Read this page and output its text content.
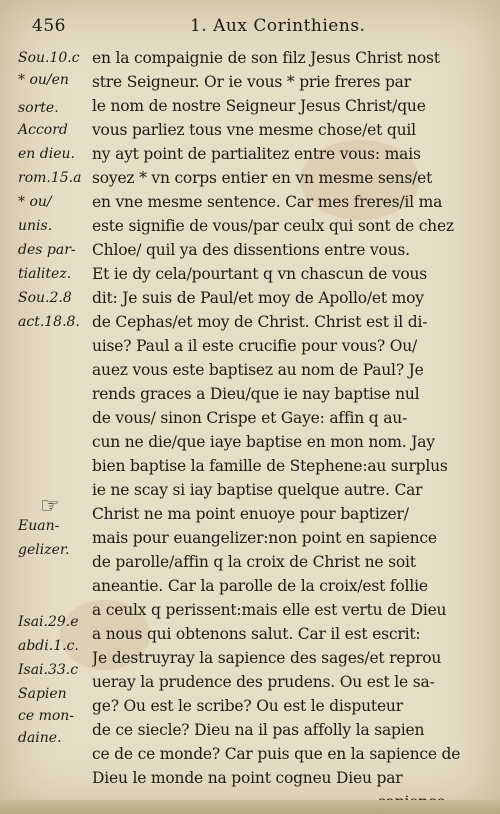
456	1. Aux Corinthiens.
Sou.10.c
* ou/en
sorte.
Accord
en dieu.
rom.15.a
* ou/
unis.
des par-
tialitez.
Sou.2.8
act.18.8.
Euan-
gelizer.
Isai.29.e
abdi.1.c.
Isai.33.c
Sapien
ce mon-
daine.
☞
en la compaignie de son filz Jesus Christ nost
stre Seigneur. Or ie vous * prie freres par
le nom de nostre Seigneur Jesus Christ/que
vous parliez tous vne mesme chose/et quil
ny ayt point de partialitez entre vous: mais
soyez * vn corps entier en vn mesme sens/et
en vne mesme sentence. Car mes freres/il ma
este signifie de vous/par ceulx qui sont de chez
Chloe/ quil ya des dissentions entre vous.
Et ie dy cela/pourtant q vn chascun de vous
dit: Je suis de Paul/et moy de Apollo/et moy
de Cephas/et moy de Christ. Christ est il di-
uise? Paul a il este crucifie pour vous? Ou/
auez vous este baptisez au nom de Paul? Je
rends graces a Dieu/que ie nay baptise nul
de vous/ sinon Crispe et Gaye: affin q au-
cun ne die/que iaye baptise en mon nom. Jay
bien baptise la famille de Stephene:au surplus
ie ne scay si iay baptise quelque autre. Car
Christ ne ma point enuoye pour baptizer/
mais pour euangelizer:non point en sapience
de parolle/affin q la croix de Christ ne soit
aneantie. Car la parolle de la croix/est follie
a ceulx q perissent:mais elle est vertu de Dieu
a nous qui obtenons salut. Car il est escrit:
Je destruyray la sapience des sages/et reprou
ueray la prudence des prudens. Ou est le sa-
ge? Ou est le scribe? Ou est le disputeur
de ce siecle? Dieu na il pas affolly la sapien
ce de ce monde? Car puis que en la sapience de
Dieu le monde na point cogneu Dieu par
